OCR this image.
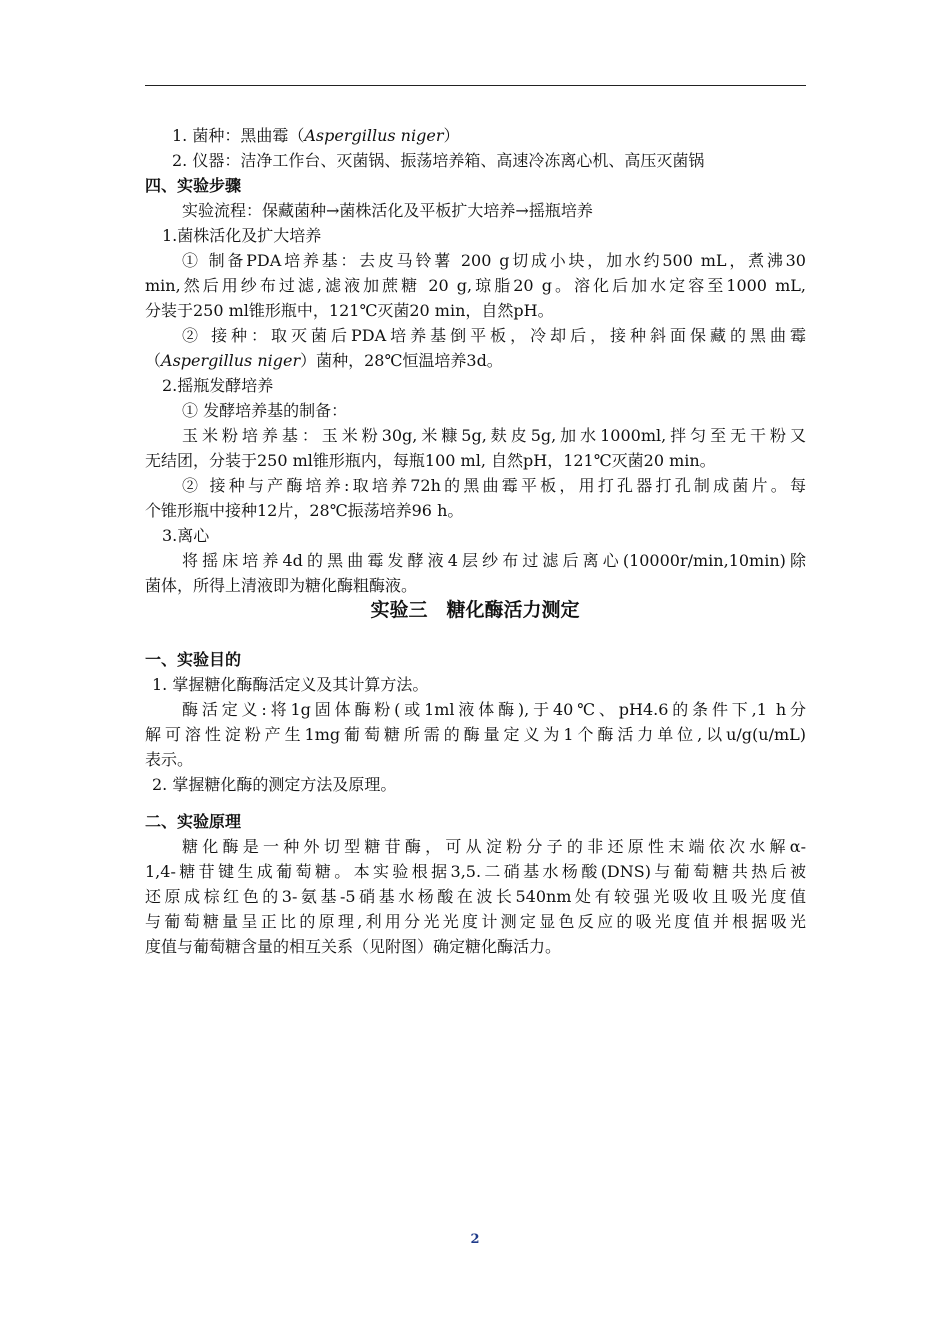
1. 菌种：黑曲霉（Aspergillus niger）
2. 仪器：洁净工作台、灭菌锅、振荡培养箱、高速冷冻离心机、高压灭菌锅
四、实验步骤
实验流程：保藏菌种→菌株活化及平板扩大培养→摇瓶培养
1.菌株活化及扩大培养
① 制备PDA培养基：去皮马铃薯 200 g切成小块，加水约500 mL，煮沸30
min,然后用纱布过滤,滤液加蔗糖 20 g,琼脂20 g。溶化后加水定容至1000 mL,
分装于250 ml锥形瓶中，121℃灭菌20 min，自然pH。
② 接种：取灭菌后PDA培养基倒平板，冷却后，接种斜面保藏的黑曲霉
（Aspergillus niger）菌种，28℃恒温培养3d。
2.摇瓶发酵培养
① 发酵培养基的制备：
玉米粉培养基：玉米粉30g,米糠5g,麸皮5g,加水1000ml,拌匀至无干粉又
无结团，分装于250 ml锥形瓶内，每瓶100 ml, 自然pH，121℃灭菌20 min。
② 接种与产酶培养:取培养72h的黑曲霉平板，用打孔器打孔制成菌片。每
个锥形瓶中接种12片，28℃振荡培养96 h。
3.离心
将摇床培养4d的黑曲霉发酵液4层纱布过滤后离心(10000r/min,10min)除
菌体，所得上清液即为糖化酶粗酶液。
实验三　糖化酶活力测定
一、实验目的
1. 掌握糖化酶酶活定义及其计算方法。
酶活定义:将1g固体酶粉(或1ml液体酶),于40℃、pH4.6的条件下,1 h分
解可溶性淀粉产生1mg葡萄糖所需的酶量定义为1个酶活力单位,以u/g(u/mL)
表示。
2. 掌握糖化酶的测定方法及原理。
二、实验原理
糖化酶是一种外切型糖苷酶，可从淀粉分子的非还原性末端依次水解α-
1,4-糖苷键生成葡萄糖。本实验根据3,5.二硝基水杨酸(DNS)与葡萄糖共热后被
还原成棕红色的3-氨基-5硝基水杨酸在波长540nm处有较强光吸收且吸光度值
与葡萄糖量呈正比的原理,利用分光光度计测定显色反应的吸光度值并根据吸光
度值与葡萄糖含量的相互关系（见附图）确定糖化酶活力。
2
